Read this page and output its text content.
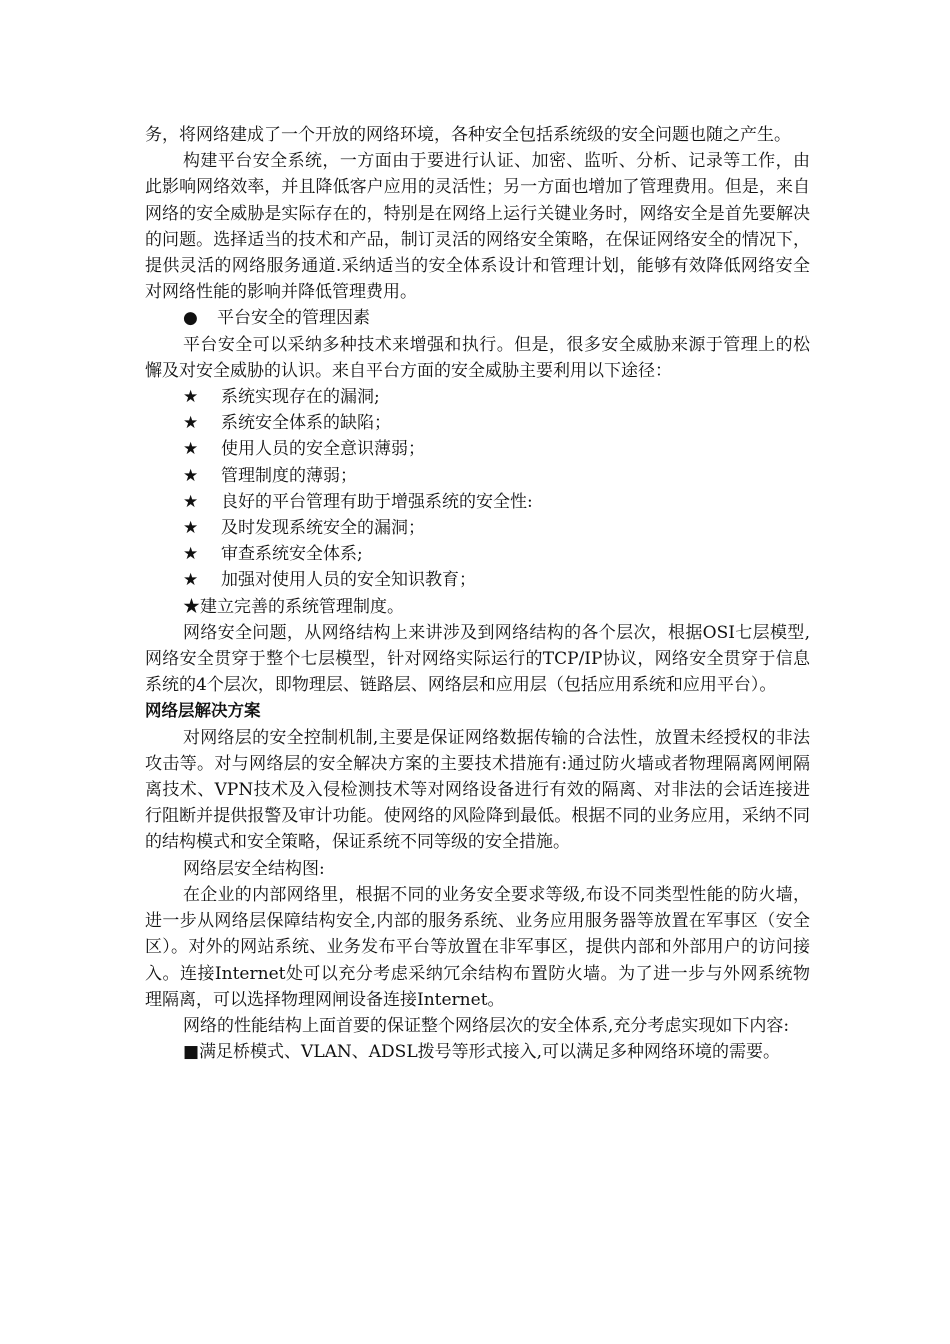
务，将网络建成了一个开放的网络环境，各种安全包括系统级的安全问题也随之产生。

构建平台安全系统，一方面由于要进行认证、加密、监听、分析、记录等工作，由此影响网络效率，并且降低客户应用的灵活性；另一方面也增加了管理费用。但是，来自网络的安全威胁是实际存在的，特别是在网络上运行关键业务时，网络安全是首先要解决的问题。选择适当的技术和产品，制订灵活的网络安全策略，在保证网络安全的情况下，提供灵活的网络服务通道.采纳适当的安全体系设计和管理计划，能够有效降低网络安全对网络性能的影响并降低管理费用。

●	平台安全的管理因素

平台安全可以采纳多种技术来增强和执行。但是，很多安全威胁来源于管理上的松懈及对安全威胁的认识。来自平台方面的安全威胁主要利用以下途径：

★	系统实现存在的漏洞;

★	系统安全体系的缺陷；

★	使用人员的安全意识薄弱；

★	管理制度的薄弱；

★	良好的平台管理有助于增强系统的安全性:

★	及时发现系统安全的漏洞；

★	审查系统安全体系;

★	加强对使用人员的安全知识教育；

★建立完善的系统管理制度。

网络安全问题，从网络结构上来讲涉及到网络结构的各个层次，根据OSI七层模型,网络安全贯穿于整个七层模型，针对网络实际运行的TCP/IP协议，网络安全贯穿于信息系统的4个层次，即物理层、链路层、网络层和应用层（包括应用系统和应用平台）。

网络层解决方案

对网络层的安全控制机制,主要是保证网络数据传输的合法性，放置未经授权的非法攻击等。对与网络层的安全解决方案的主要技术措施有:通过防火墙或者物理隔离网闸隔离技术、VPN技术及入侵检测技术等对网络设备进行有效的隔离、对非法的会话连接进行阻断并提供报警及审计功能。使网络的风险降到最低。根据不同的业务应用，采纳不同的结构模式和安全策略，保证系统不同等级的安全措施。

网络层安全结构图:

在企业的内部网络里，根据不同的业务安全要求等级,布设不同类型性能的防火墙，进一步从网络层保障结构安全,内部的服务系统、业务应用服务器等放置在军事区（安全区）。对外的网站系统、业务发布平台等放置在非军事区，提供内部和外部用户的访问接入。连接Internet处可以充分考虑采纳冗余结构布置防火墙。为了进一步与外网系统物理隔离，可以选择物理网闸设备连接Internet。

网络的性能结构上面首要的保证整个网络层次的安全体系,充分考虑实现如下内容:

■满足桥模式、VLAN、ADSL拨号等形式接入,可以满足多种网络环境的需要。
